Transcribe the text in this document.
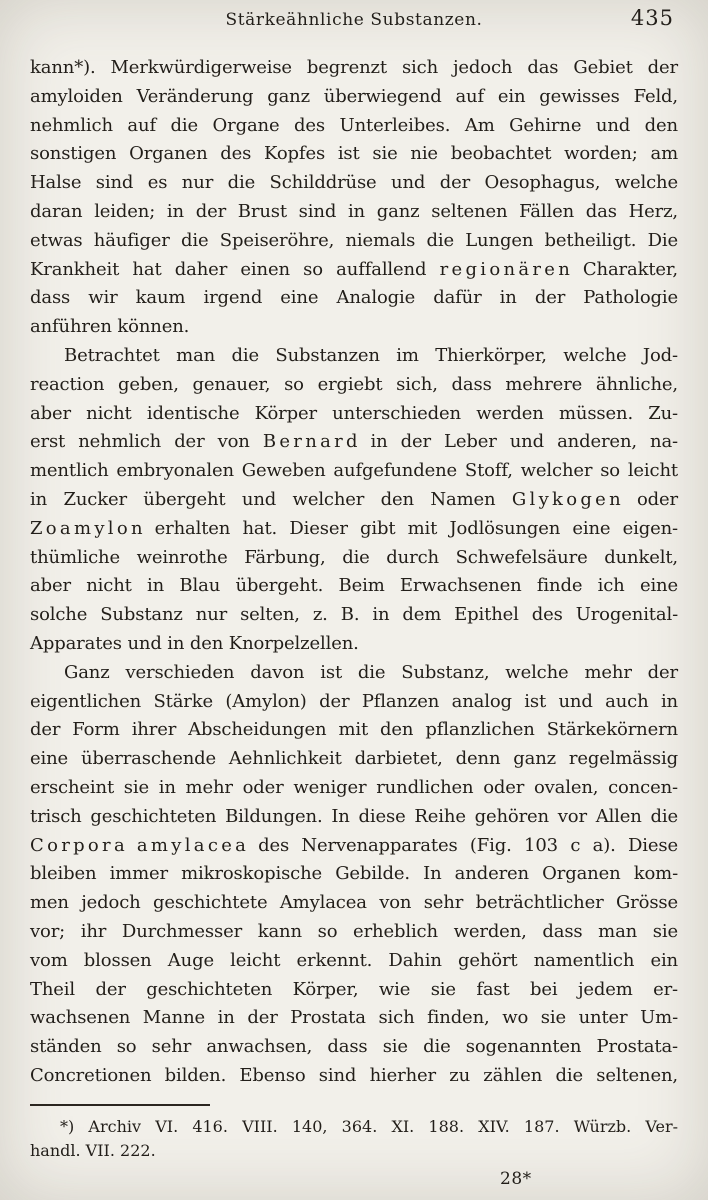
Stärkeähnliche Substanzen.	435
kann*). Merkwürdigerweise begrenzt sich jedoch das Gebiet der
amyloiden Veränderung ganz überwiegend auf ein gewisses Feld,
nehmlich auf die Organe des Unterleibes. Am Gehirne und den
sonstigen Organen des Kopfes ist sie nie beobachtet worden; am
Halse sind es nur die Schilddrüse und der Oesophagus, welche
daran leiden; in der Brust sind in ganz seltenen Fällen das Herz,
etwas häufiger die Speiseröhre, niemals die Lungen betheiligt. Die
Krankheit hat daher einen so auffallend r e g i o n ä r e n Charakter,
dass wir kaum irgend eine Analogie dafür in der Pathologie
anführen können.
Betrachtet man die Substanzen im Thierkörper, welche Jod-
reaction geben, genauer, so ergiebt sich, dass mehrere ähnliche,
aber nicht identische Körper unterschieden werden müssen. Zu-
erst nehmlich der von B e r n a r d in der Leber und anderen, na-
mentlich embryonalen Geweben aufgefundene Stoff, welcher so leicht
in Zucker übergeht und welcher den Namen G l y k o g e n oder
Z o a m y l o n erhalten hat. Dieser gibt mit Jodlösungen eine eigen-
thümliche weinrothe Färbung, die durch Schwefelsäure dunkelt,
aber nicht in Blau übergeht. Beim Erwachsenen finde ich eine
solche Substanz nur selten, z. B. in dem Epithel des Urogenital-
Apparates und in den Knorpelzellen.
Ganz verschieden davon ist die Substanz, welche mehr der
eigentlichen Stärke (Amylon) der Pflanzen analog ist und auch in
der Form ihrer Abscheidungen mit den pflanzlichen Stärkekörnern
eine überraschende Aehnlichkeit darbietet, denn ganz regelmässig
erscheint sie in mehr oder weniger rundlichen oder ovalen, concen-
trisch geschichteten Bildungen. In diese Reihe gehören vor Allen die
C o r p o r a a m y l a c e a des Nervenapparates (Fig. 103 c a). Diese
bleiben immer mikroskopische Gebilde. In anderen Organen kom-
men jedoch geschichtete Amylacea von sehr beträchtlicher Grösse
vor; ihr Durchmesser kann so erheblich werden, dass man sie
vom blossen Auge leicht erkennt. Dahin gehört namentlich ein
Theil der geschichteten Körper, wie sie fast bei jedem er-
wachsenen Manne in der Prostata sich finden, wo sie unter Um-
ständen so sehr anwachsen, dass sie die sogenannten Prostata-
Concretionen bilden. Ebenso sind hierher zu zählen die seltenen,
*) Archiv VI. 416. VIII. 140, 364. XI. 188. XIV. 187. Würzb. Ver-
handl. VII. 222.
28*
